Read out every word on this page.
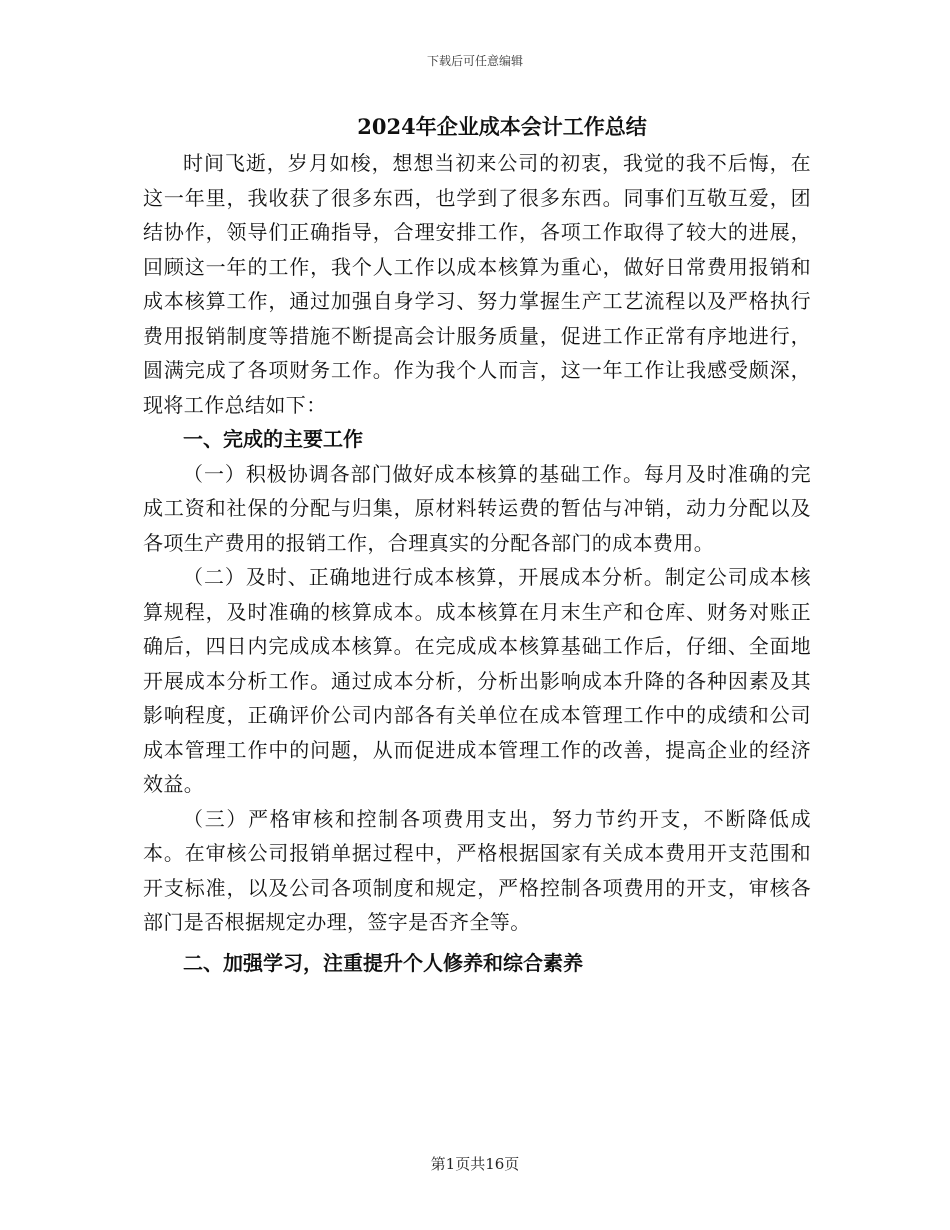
下载后可任意编辑
2024年企业成本会计工作总结

时间飞逝，岁月如梭，想想当初来公司的初衷，我觉的我不后悔，在这一年里，我收获了很多东西，也学到了很多东西。同事们互敬互爱，团结协作，领导们正确指导，合理安排工作，各项工作取得了较大的进展，回顾这一年的工作，我个人工作以成本核算为重心，做好日常费用报销和成本核算工作，通过加强自身学习、努力掌握生产工艺流程以及严格执行费用报销制度等措施不断提高会计服务质量，促进工作正常有序地进行，圆满完成了各项财务工作。作为我个人而言，这一年工作让我感受颇深，现将工作总结如下：

一、完成的主要工作

（一）积极协调各部门做好成本核算的基础工作。每月及时准确的完成工资和社保的分配与归集，原材料转运费的暂估与冲销，动力分配以及各项生产费用的报销工作，合理真实的分配各部门的成本费用。

（二）及时、正确地进行成本核算，开展成本分析。制定公司成本核算规程，及时准确的核算成本。成本核算在月末生产和仓库、财务对账正确后，四日内完成成本核算。在完成成本核算基础工作后，仔细、全面地开展成本分析工作。通过成本分析，分析出影响成本升降的各种因素及其影响程度，正确评价公司内部各有关单位在成本管理工作中的成绩和公司成本管理工作中的问题，从而促进成本管理工作的改善，提高企业的经济效益。

（三）严格审核和控制各项费用支出，努力节约开支，不断降低成本。在审核公司报销单据过程中，严格根据国家有关成本费用开支范围和开支标准，以及公司各项制度和规定，严格控制各项费用的开支，审核各部门是否根据规定办理，签字是否齐全等。

二、加强学习，注重提升个人修养和综合素养
第1页共16页
